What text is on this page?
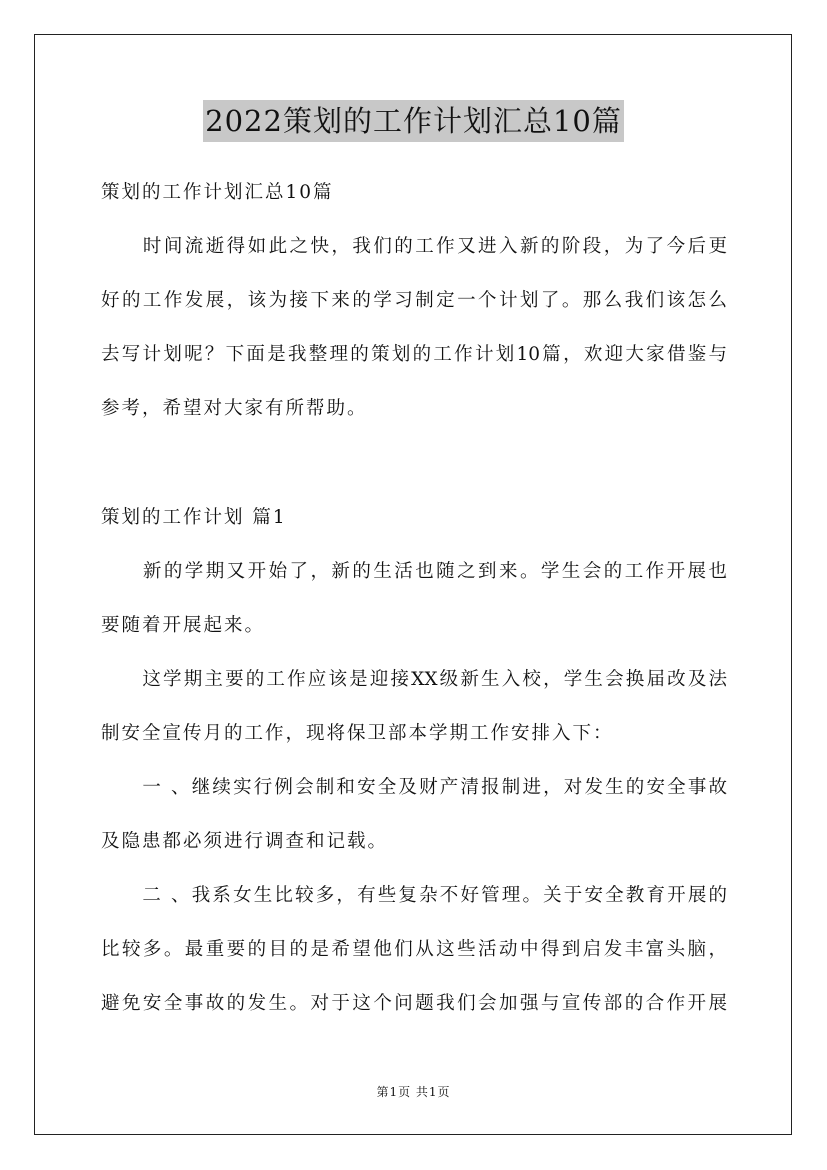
2022策划的工作计划汇总10篇
策划的工作计划汇总10篇
　　时间流逝得如此之快，我们的工作又进入新的阶段，为了今后更
好的工作发展，该为接下来的学习制定一个计划了。那么我们该怎么
去写计划呢？下面是我整理的策划的工作计划10篇，欢迎大家借鉴与
参考，希望对大家有所帮助。
策划的工作计划 篇1
　　新的学期又开始了，新的生活也随之到来。学生会的工作开展也
要随着开展起来。
　　这学期主要的工作应该是迎接XX级新生入校，学生会换届改及法
制安全宣传月的工作，现将保卫部本学期工作安排入下：
　　一 、继续实行例会制和安全及财产清报制进，对发生的安全事故
及隐患都必须进行调查和记载。
　　二 、我系女生比较多，有些复杂不好管理。关于安全教育开展的
比较多。最重要的目的是希望他们从这些活动中得到启发丰富头脑，
避免安全事故的发生。对于这个问题我们会加强与宣传部的合作开展
第1页 共1页
